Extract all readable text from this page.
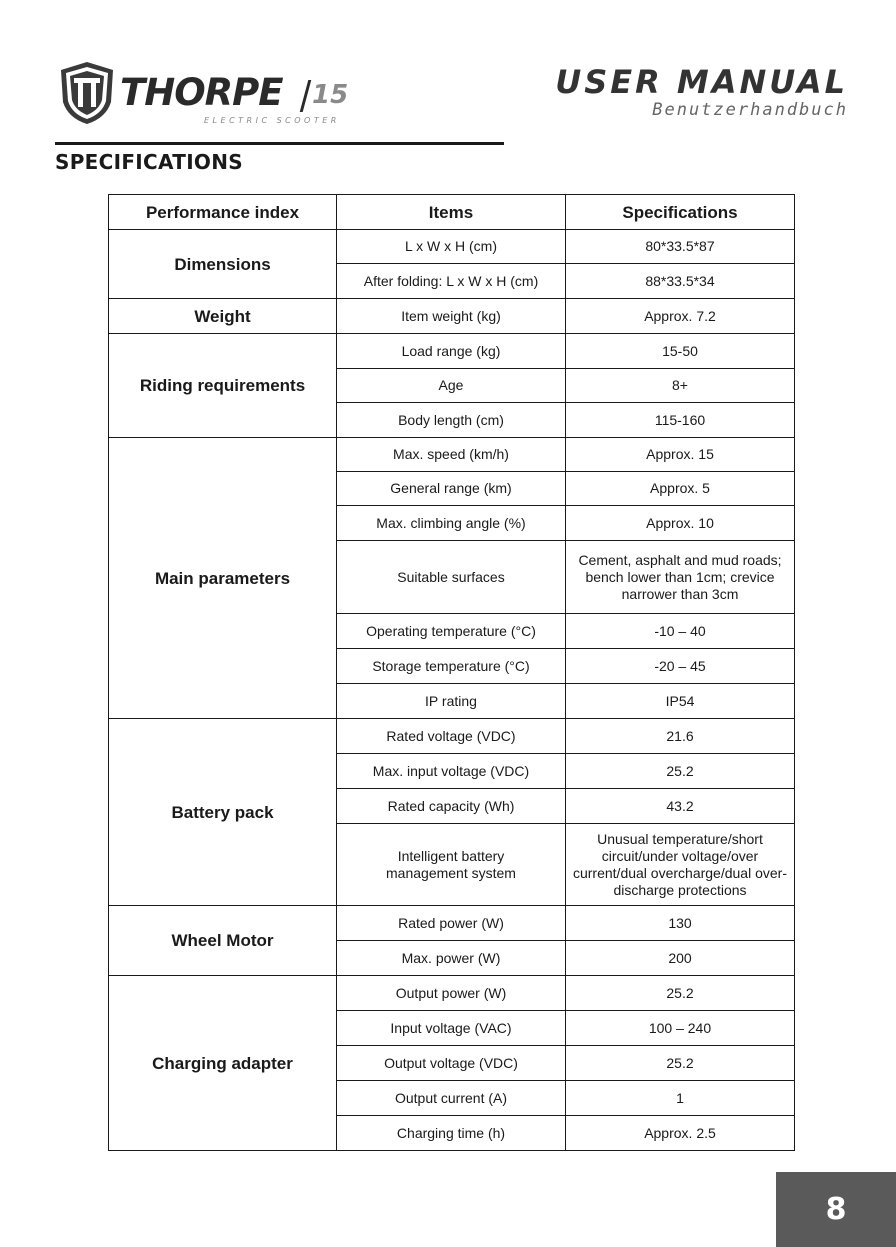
THORPE 15
ELECTRIC SCOOTER
USER MANUAL
Benutzerhandbuch
SPECIFICATIONS
Performance index	Items	Specifications
Dimensions	L x W x H (cm)	80*33.5*87
	After folding: L x W x H (cm)	88*33.5*34
Weight	Item weight (kg)	Approx. 7.2
Riding requirements	Load range (kg)	15-50
	Age	8+
	Body length (cm)	115-160
Main parameters	Max. speed (km/h)	Approx. 15
	General range (km)	Approx. 5
	Max. climbing angle (%)	Approx. 10
	Suitable surfaces	Cement, asphalt and mud roads; bench lower than 1cm; crevice narrower than 3cm
	Operating temperature (°C)	-10 – 40
	Storage temperature (°C)	-20 – 45
	IP rating	IP54
Battery pack	Rated voltage (VDC)	21.6
	Max. input voltage (VDC)	25.2
	Rated capacity (Wh)	43.2
	Intelligent battery management system	Unusual temperature/short circuit/under voltage/over current/dual overcharge/dual over-discharge protections
Wheel Motor	Rated power (W)	130
	Max. power (W)	200
Charging adapter	Output power (W)	25.2
	Input voltage (VAC)	100 – 240
	Output voltage (VDC)	25.2
	Output current (A)	1
	Charging time (h)	Approx. 2.5
8
